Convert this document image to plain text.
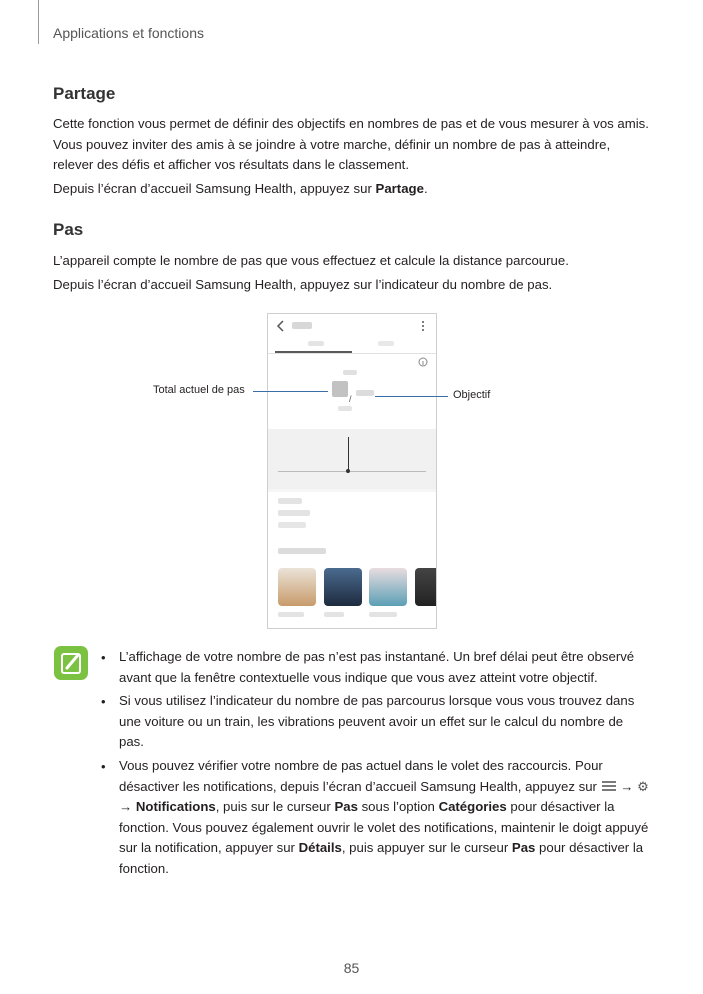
Applications et fonctions
Partage

Cette fonction vous permet de définir des objectifs en nombres de pas et de vous mesurer à vos amis. Vous pouvez inviter des amis à se joindre à votre marche, définir un nombre de pas à atteindre, relever des défis et afficher vos résultats dans le classement.

Depuis l’écran d’accueil Samsung Health, appuyez sur Partage.

Pas

L’appareil compte le nombre de pas que vous effectuez et calcule la distance parcourue.

Depuis l’écran d’accueil Samsung Health, appuyez sur l’indicateur du nombre de pas.

/
Total actuel de pas	Objectif
• L’affichage de votre nombre de pas n’est pas instantané. Un bref délai peut être observé avant que la fenêtre contextuelle vous indique que vous avez atteint votre objectif.

• Si vous utilisez l’indicateur du nombre de pas parcourus lorsque vous vous trouvez dans une voiture ou un train, les vibrations peuvent avoir un effet sur le calcul du nombre de pas.

• Vous pouvez vérifier votre nombre de pas actuel dans le volet des raccourcis. Pour désactiver les notifications, depuis l’écran d’accueil Samsung Health, appuyez sur  → ⚙ → Notifications, puis sur le curseur Pas sous l’option Catégories pour désactiver la fonction. Vous pouvez également ouvrir le volet des notifications, maintenir le doigt appuyé sur la notification, appuyer sur Détails, puis appuyer sur le curseur Pas pour désactiver la fonction.

85
